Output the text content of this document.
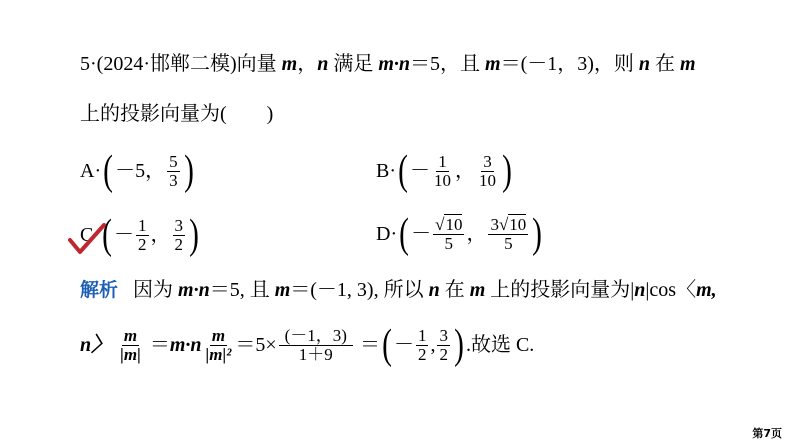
5·(2024·邯郸二模)向量 m，n 满足 m·n＝5，且 m＝(－1，3)，则 n 在 m
上的投影向量为(　　)
A· ( －5， $\frac{5}{3}$ )	B· ( － $\frac{1}{10}$ ， $\frac{3}{10}$ )
C· ( － $\frac{1}{2}$ ， $\frac{3}{2}$ )	D· ( － $\frac{√10}{5}$ ， $\frac{3√10}{5}$ )
解析 因为 m·n＝5, 且 m＝(－1, 3), 所以 n 在 m 上的投影向量为|n|cos〈m,
n〉
$\frac{m}{|m|}$
＝ $m\cdot n \frac{m}{\text{|m|²}} =5\times \frac{(-1,3)}{1+9}$
＝ ( － $\frac{1}{2}$ , $\frac{3}{2}$ ) .故选 C.
第7页
